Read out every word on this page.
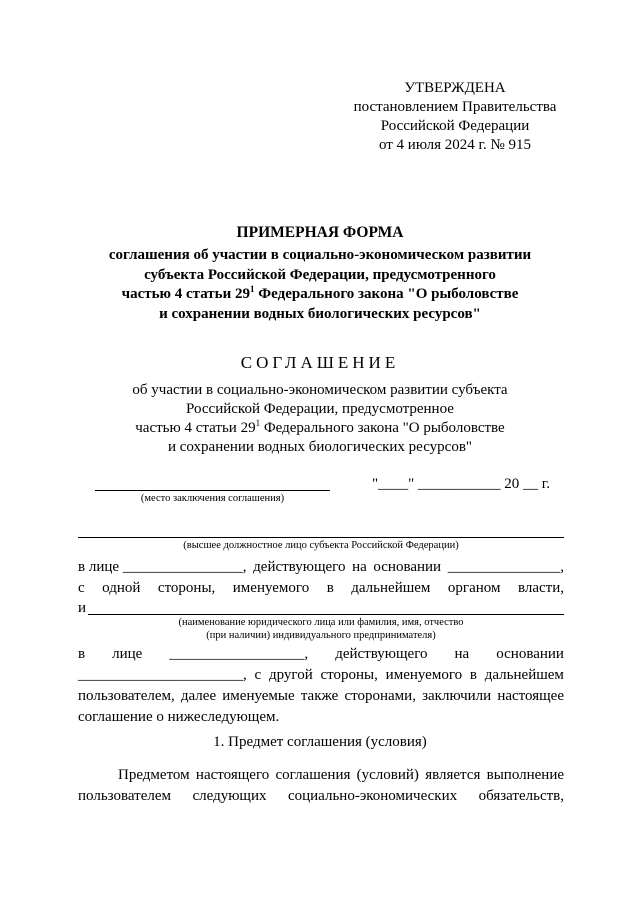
УТВЕРЖДЕНА
постановлением Правительства
Российской Федерации
от 4 июля 2024 г. № 915
ПРИМЕРНАЯ ФОРМА
соглашения об участии в социально-экономическом развитии
субъекта Российской Федерации, предусмотренного
частью 4 статьи $29^1$ Федерального закона "О рыболовстве
и сохранении водных биологических ресурсов"
СОГЛАШЕНИЕ
об участии в социально-экономическом развитии субъекта
Российской Федерации, предусмотренное
частью 4 статьи $29^1$ Федерального закона "О рыболовстве
и сохранении водных биологических ресурсов"
(место заключения соглашения)
"____" ___________ 20 __ г.
(высшее должностное лицо субъекта Российской Федерации)
в лице ________________, действующего на основании _______________,
с одной стороны, именуемого в дальнейшем органом власти,
и
(наименование юридического лица или фамилия, имя, отчество
(при наличии) индивидуального предпринимателя)
в лице __________________, действующего на основании
______________________, с другой стороны, именуемого в дальнейшем
пользователем, далее именуемые также сторонами, заключили настоящее
соглашение о нижеследующем.
1. Предмет соглашения (условия)
Предметом настоящего соглашения (условий) является выполнение
пользователем следующих социально-экономических обязательств,
